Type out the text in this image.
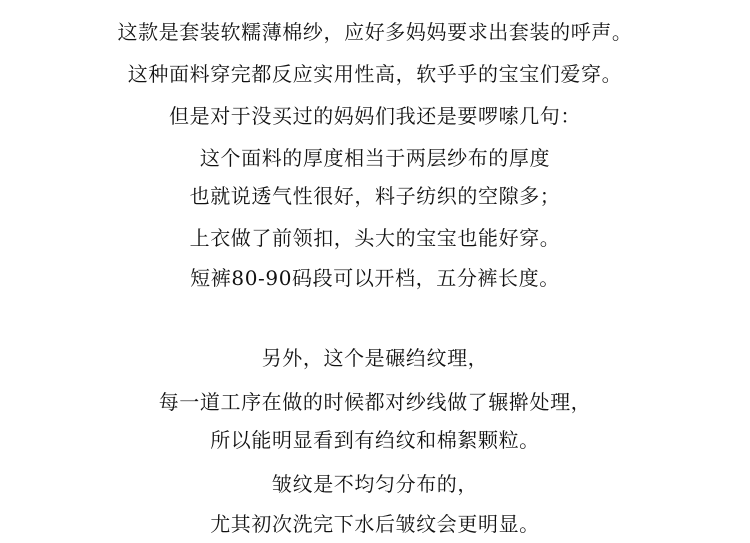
这款是套装软糯薄棉纱，应好多妈妈要求出套装的呼声。
这种面料穿完都反应实用性高，软乎乎的宝宝们爱穿。
但是对于没买过的妈妈们我还是要啰嗦几句：
这个面料的厚度相当于两层纱布的厚度
也就说透气性很好，料子纺织的空隙多；
上衣做了前领扣，头大的宝宝也能好穿。
短裤80-90码段可以开档，五分裤长度。
另外，这个是碾绉纹理，
每一道工序在做的时候都对纱线做了辗擀处理，
所以能明显看到有绉纹和棉絮颗粒。
皱纹是不均匀分布的，
尤其初次洗完下水后皱纹会更明显。
